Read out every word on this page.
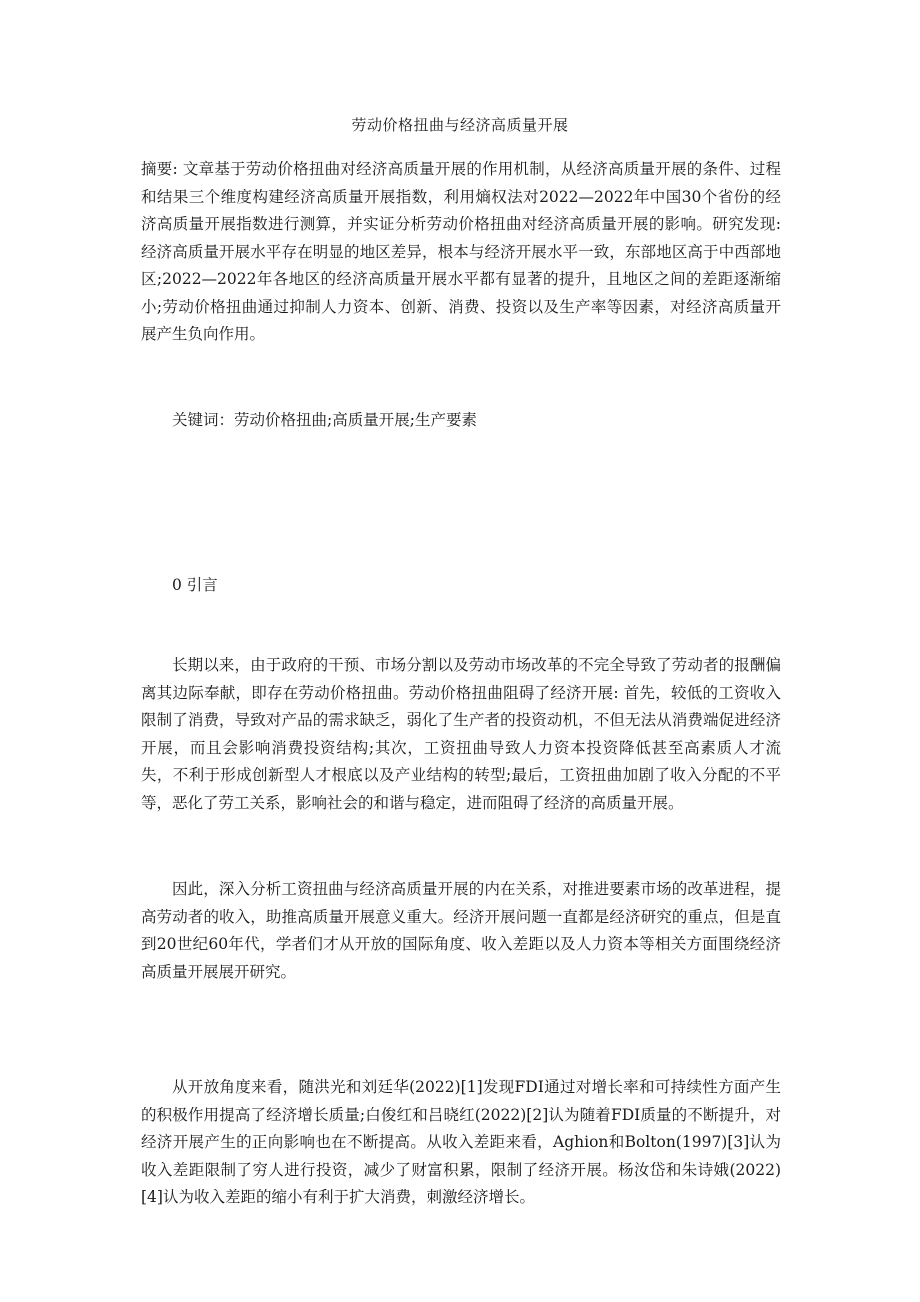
劳动价格扭曲与经济高质量开展

摘要: 文章基于劳动价格扭曲对经济高质量开展的作用机制，从经济高质量开展的条件、过程和结果三个维度构建经济高质量开展指数，利用熵权法对2022—2022年中国30个省份的经济高质量开展指数进行测算，并实证分析劳动价格扭曲对经济高质量开展的影响。研究发现: 经济高质量开展水平存在明显的地区差异，根本与经济开展水平一致，东部地区高于中西部地区;2022—2022年各地区的经济高质量开展水平都有显著的提升，且地区之间的差距逐渐缩小;劳动价格扭曲通过抑制人力资本、创新、消费、投资以及生产率等因素，对经济高质量开展产生负向作用。

关键词：劳动价格扭曲;高质量开展;生产要素

0 引言

长期以来，由于政府的干预、市场分割以及劳动市场改革的不完全导致了劳动者的报酬偏离其边际奉献，即存在劳动价格扭曲。劳动价格扭曲阻碍了经济开展: 首先，较低的工资收入限制了消费，导致对产品的需求缺乏，弱化了生产者的投资动机，不但无法从消费端促进经济开展，而且会影响消费投资结构;其次，工资扭曲导致人力资本投资降低甚至高素质人才流失，不利于形成创新型人才根底以及产业结构的转型;最后，工资扭曲加剧了收入分配的不平等，恶化了劳工关系，影响社会的和谐与稳定，进而阻碍了经济的高质量开展。

因此，深入分析工资扭曲与经济高质量开展的内在关系，对推进要素市场的改革进程，提高劳动者的收入，助推高质量开展意义重大。经济开展问题一直都是经济研究的重点，但是直到20世纪60年代，学者们才从开放的国际角度、收入差距以及人力资本等相关方面围绕经济高质量开展展开研究。

从开放角度来看，随洪光和刘廷华(2022)[1]发现FDI通过对增长率和可持续性方面产生的积极作用提高了经济增长质量;白俊红和吕晓红(2022)[2]认为随着FDI质量的不断提升，对经济开展产生的正向影响也在不断提高。从收入差距来看，Aghion和Bolton(1997)[3]认为收入差距限制了穷人进行投资，减少了财富积累，限制了经济开展。杨汝岱和朱诗娥(2022)[4]认为收入差距的缩小有利于扩大消费，刺激经济增长。
